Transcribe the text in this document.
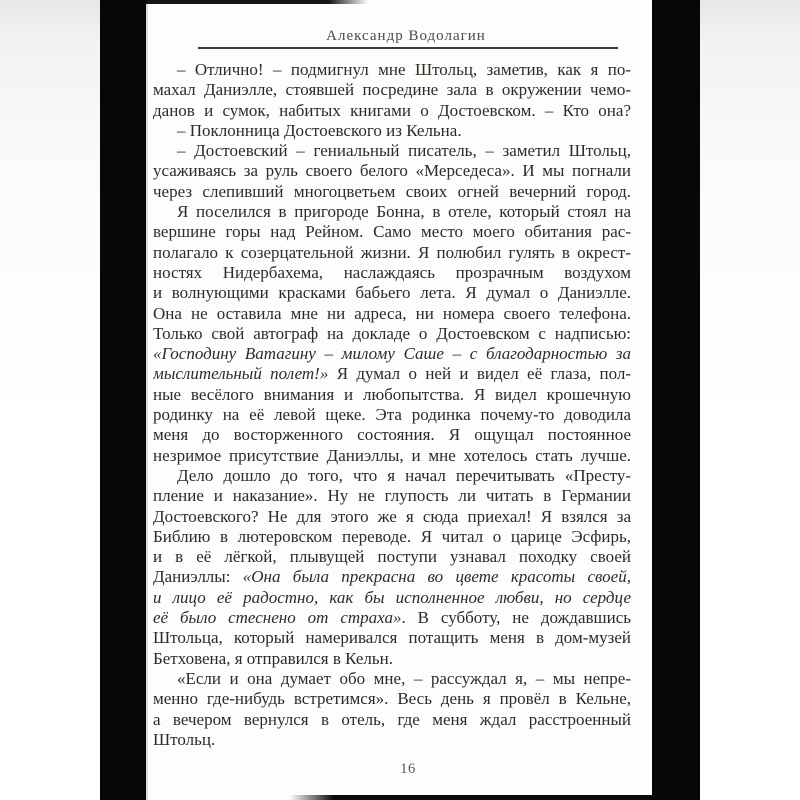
Александр Водолагин
– Отлично! – подмигнул мне Штольц, заметив, как я по-
махал Даниэлле, стоявшей посредине зала в окружении чемо-
данов и сумок, набитых книгами о Достоевском. – Кто она?
– Поклонница Достоевского из Кельна.
– Достоевский – гениальный писатель, – заметил Штольц,
усаживаясь за руль своего белого «Мерседеса». И мы погнали
через слепивший многоцветьем своих огней вечерний город.
Я поселился в пригороде Бонна, в отеле, который стоял на
вершине горы над Рейном. Само место моего обитания рас-
полагало к созерцательной жизни. Я полюбил гулять в окрест-
ностях Нидербахема, наслаждаясь прозрачным воздухом
и волнующими красками бабьего лета. Я думал о Даниэлле.
Она не оставила мне ни адреса, ни номера своего телефона.
Только свой автограф на докладе о Достоевском с надписью:
«Господину Ватагину – милому Саше – с благодарностью за
мыслительный полет!» Я думал о ней и видел её глаза, пол-
ные весёлого внимания и любопытства. Я видел крошечную
родинку на её левой щеке. Эта родинка почему-то доводила
меня до восторженного состояния. Я ощущал постоянное
незримое присутствие Даниэллы, и мне хотелось стать лучше.
Дело дошло до того, что я начал перечитывать «Престу-
пление и наказание». Ну не глупость ли читать в Германии
Достоевского? Не для этого же я сюда приехал! Я взялся за
Библию в лютеровском переводе. Я читал о царице Эсфирь,
и в её лёгкой, плывущей поступи узнавал походку своей
Даниэллы: «Она была прекрасна во цвете красоты своей,
и лицо её радостно, как бы исполненное любви, но сердце
её было стеснено от страха». В субботу, не дождавшись
Штольца, который намеривался потащить меня в дом-музей
Бетховена, я отправился в Кельн.
«Если и она думает обо мне, – рассуждал я, – мы непре-
менно где-нибудь встретимся». Весь день я провёл в Кельне,
а вечером вернулся в отель, где меня ждал расстроенный
Штольц.
16
